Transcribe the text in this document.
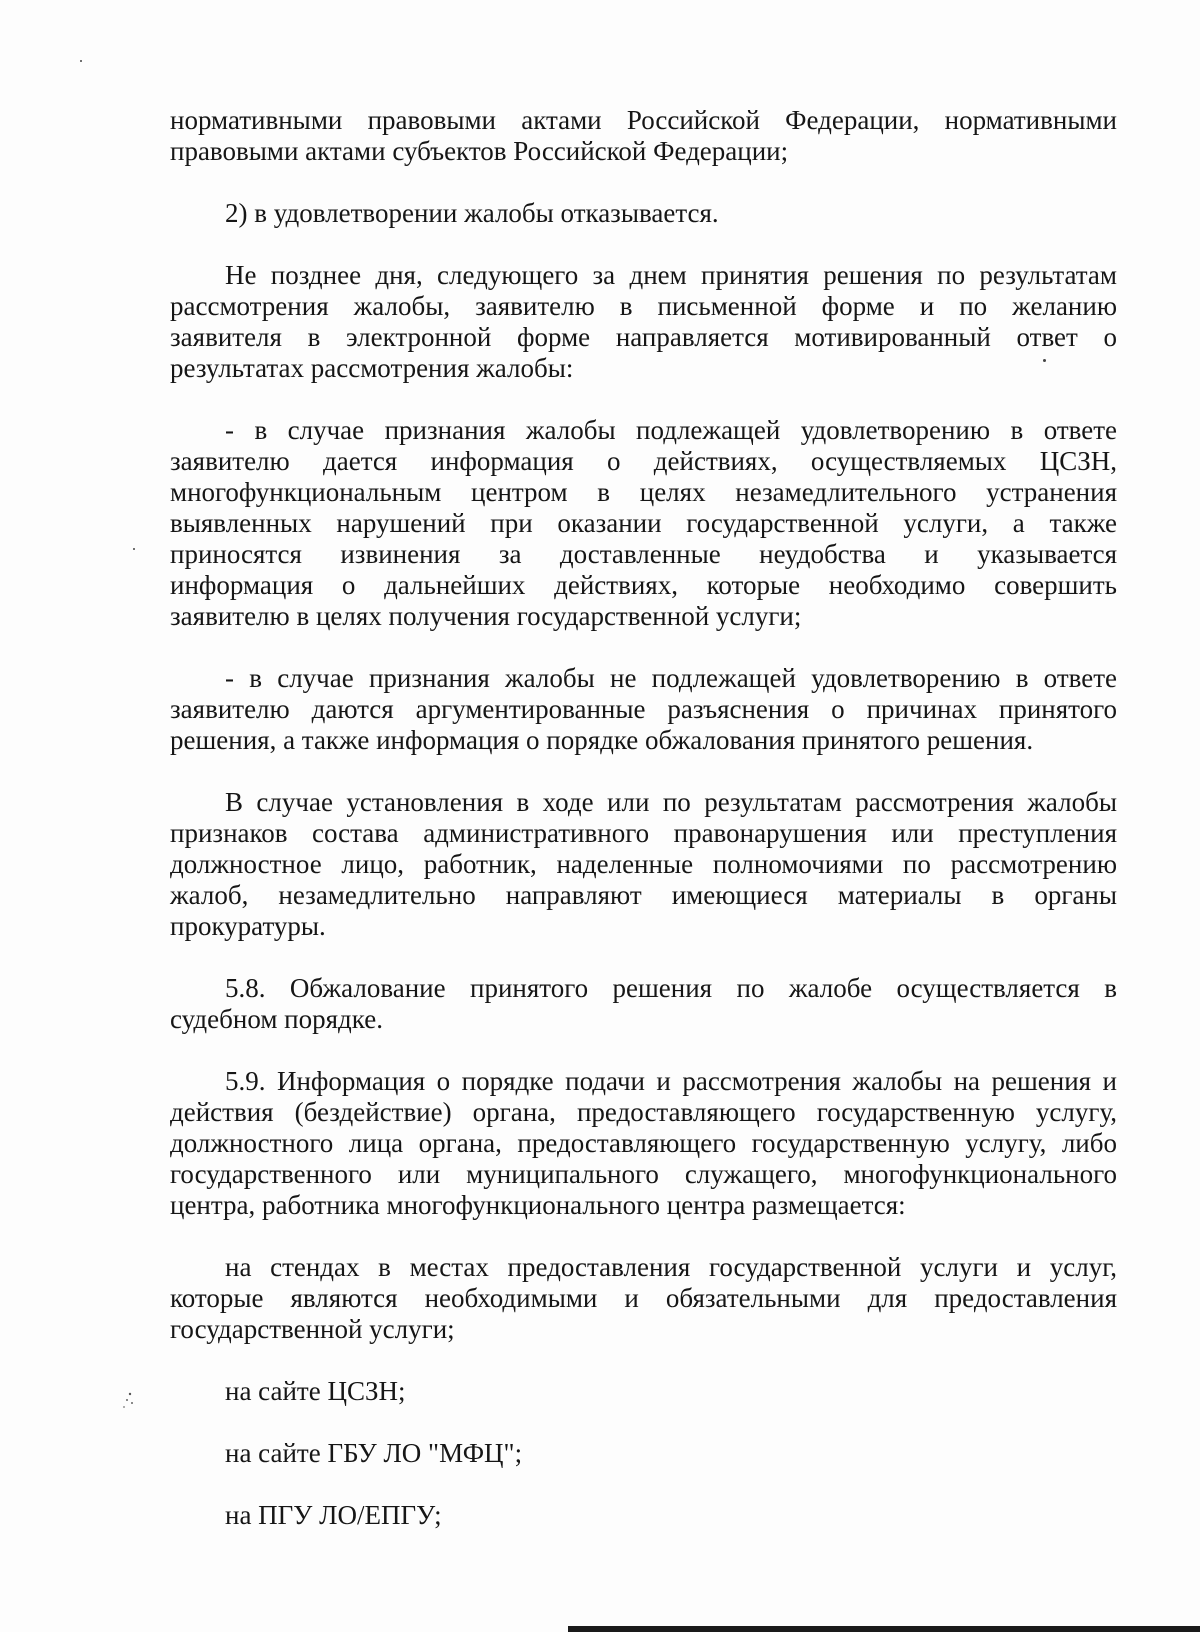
нормативными правовыми актами Российской Федерации, нормативными
правовыми актами субъектов Российской Федерации;

2) в удовлетворении жалобы отказывается.

Не позднее дня, следующего за днем принятия решения по результатам
рассмотрения жалобы, заявителю в письменной форме и по желанию
заявителя в электронной форме направляется мотивированный ответ о
результатах рассмотрения жалобы:

- в случае признания жалобы подлежащей удовлетворению в ответе
заявителю дается информация о действиях, осуществляемых ЦСЗН,
многофункциональным центром в целях незамедлительного устранения
выявленных нарушений при оказании государственной услуги, а также
приносятся извинения за доставленные неудобства и указывается
информация о дальнейших действиях, которые необходимо совершить
заявителю в целях получения государственной услуги;

- в случае признания жалобы не подлежащей удовлетворению в ответе
заявителю даются аргументированные разъяснения о причинах принятого
решения, а также информация о порядке обжалования принятого решения.

В случае установления в ходе или по результатам рассмотрения жалобы
признаков состава административного правонарушения или преступления
должностное лицо, работник, наделенные полномочиями по рассмотрению
жалоб, незамедлительно направляют имеющиеся материалы в органы
прокуратуры.

5.8. Обжалование принятого решения по жалобе осуществляется в
судебном порядке.

5.9. Информация о порядке подачи и рассмотрения жалобы на решения и
действия (бездействие) органа, предоставляющего государственную услугу,
должностного лица органа, предоставляющего государственную услугу, либо
государственного или муниципального служащего, многофункционального
центра, работника многофункционального центра размещается:

на стендах в местах предоставления государственной услуги и услуг,
которые являются необходимыми и обязательными для предоставления
государственной услуги;

на сайте ЦСЗН;

на сайте ГБУ ЛО "МФЦ";

на ПГУ ЛО/ЕПГУ;
